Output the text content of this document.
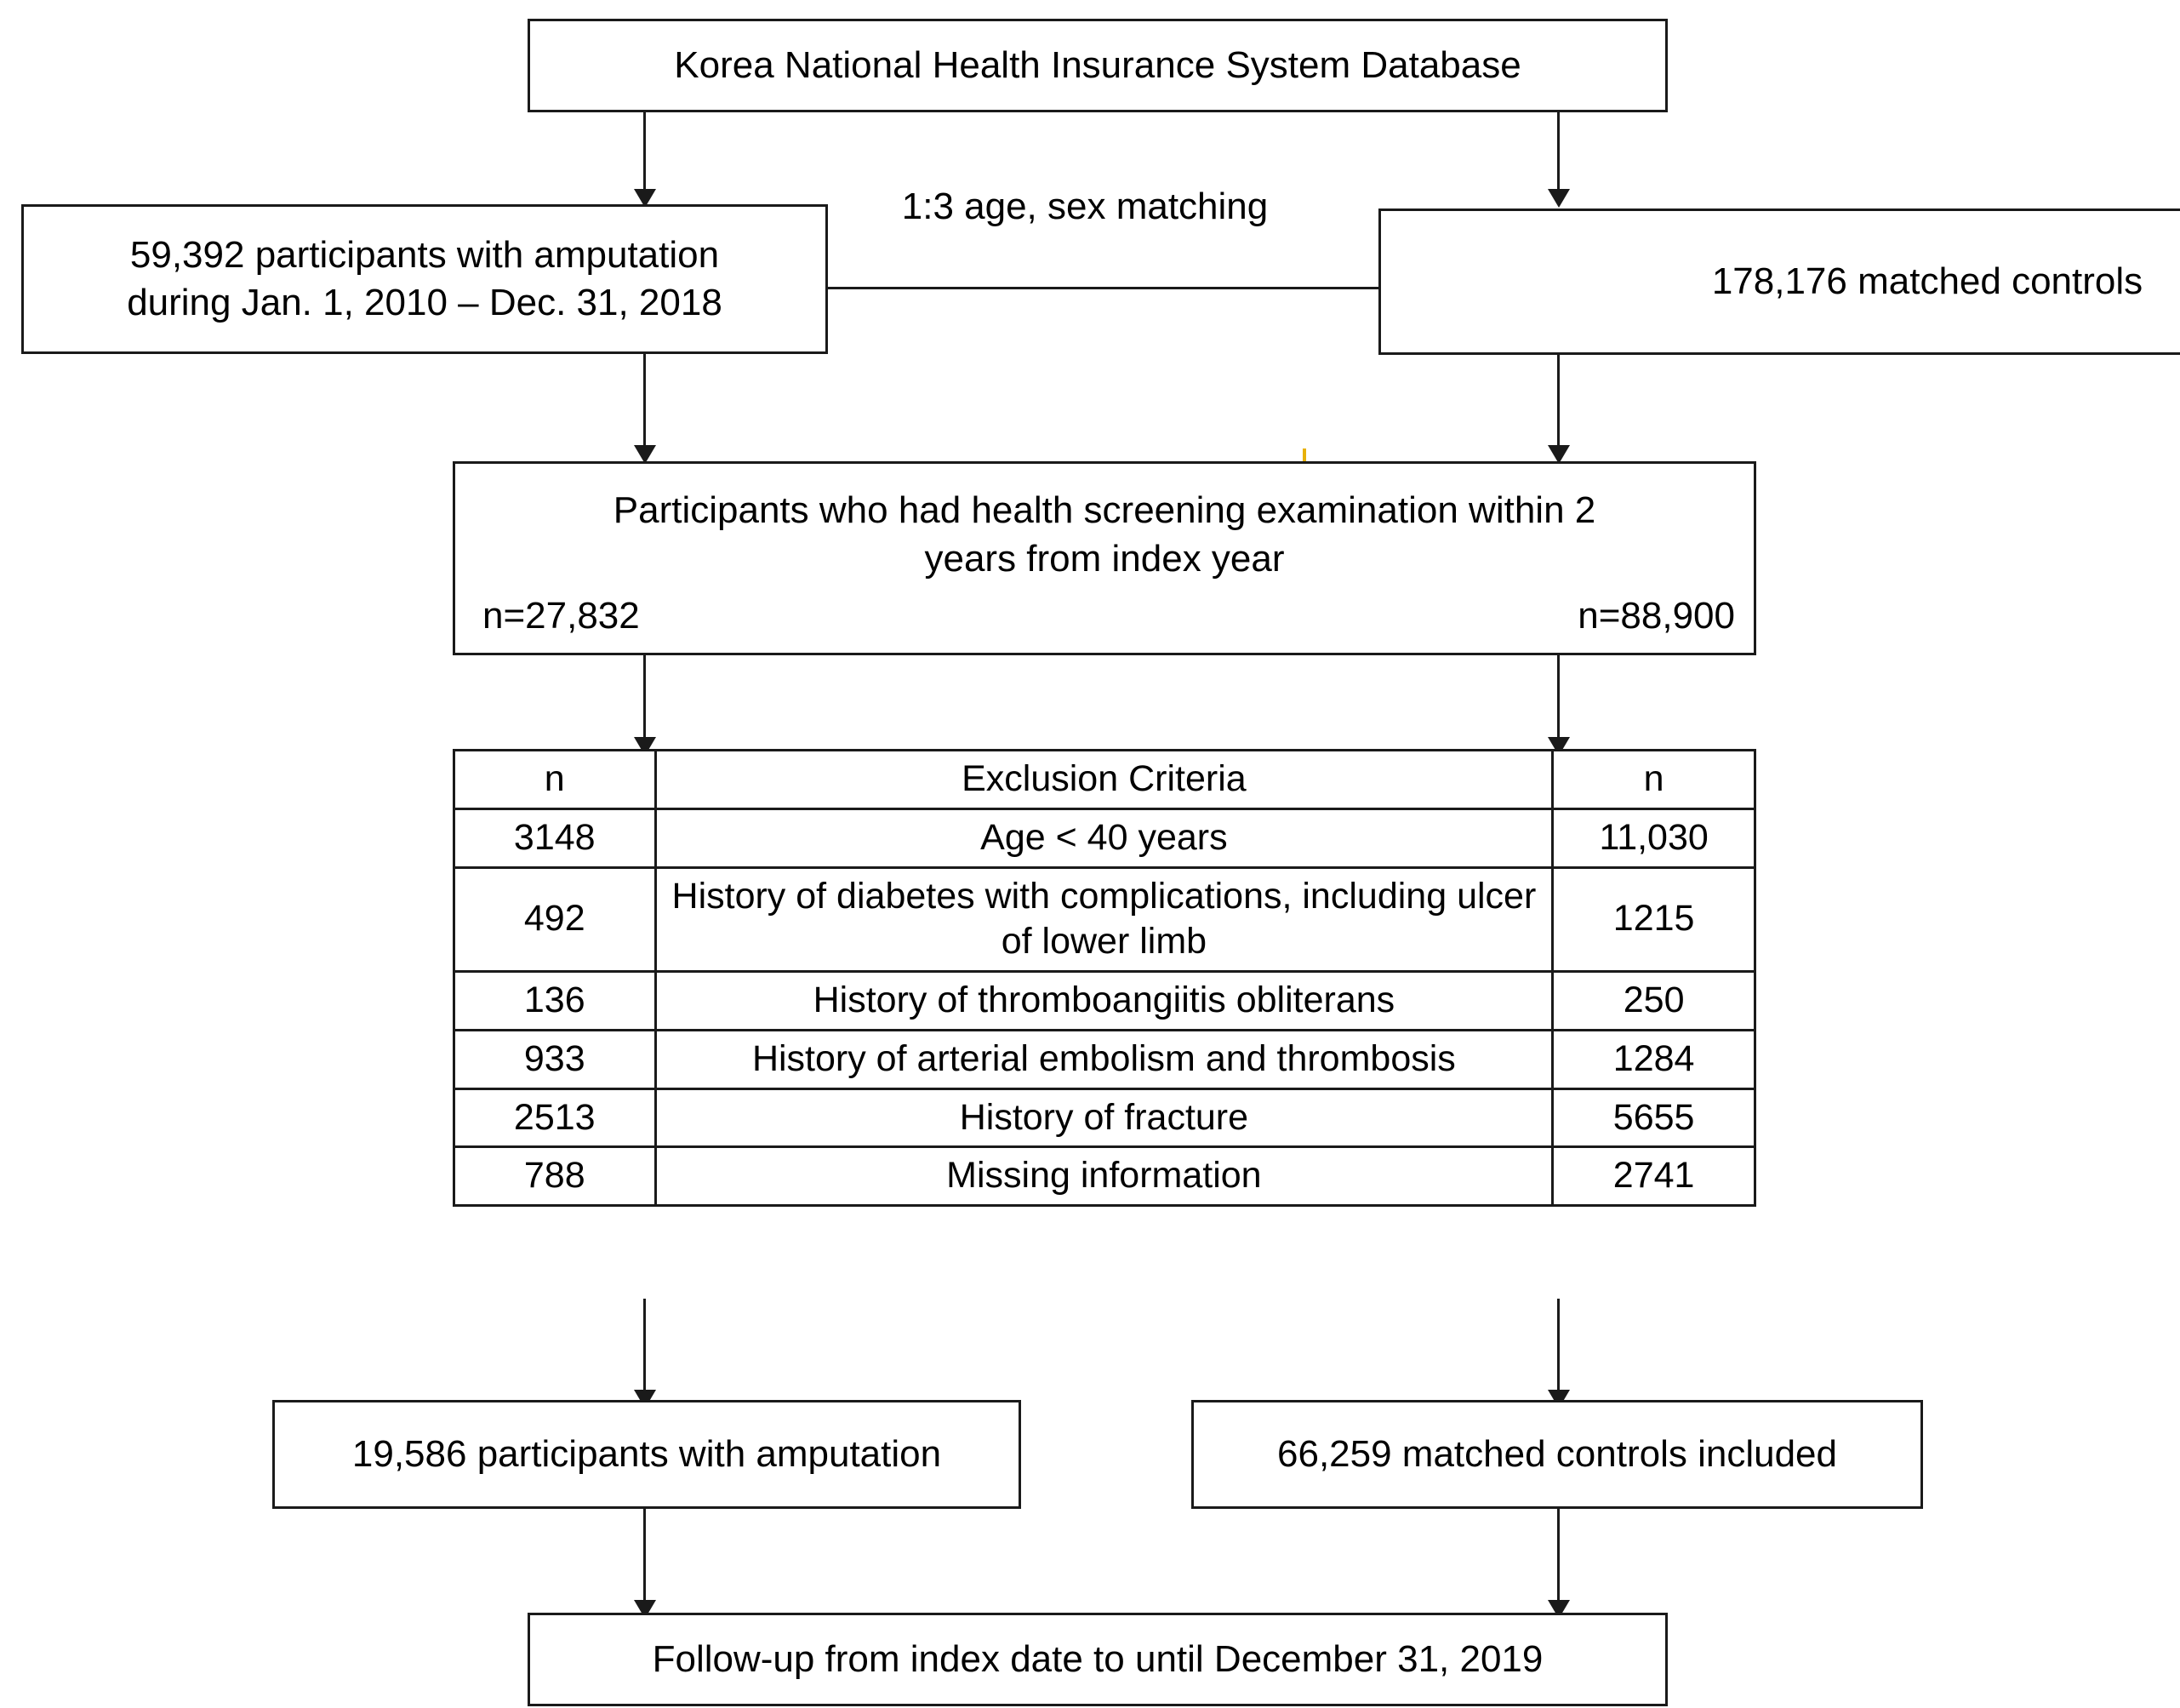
Korea National Health Insurance System Database
1:3 age, sex matching
59,392 participants with amputation
during Jan. 1, 2010 – Dec. 31, 2018
178,176 matched controls
Participants who had health screening examination within 2
years from index year
n=27,832	n=88,900
n	Exclusion Criteria	n
3148	Age < 40 years	11,030
492	History of diabetes with complications, including ulcer of lower limb	1215
136	History of thromboangiitis obliterans	250
933	History of arterial embolism and thrombosis	1284
2513	History of fracture	5655
788	Missing information	2741
19,586 participants with amputation	66,259 matched controls included
Follow-up from index date to until December 31, 2019
